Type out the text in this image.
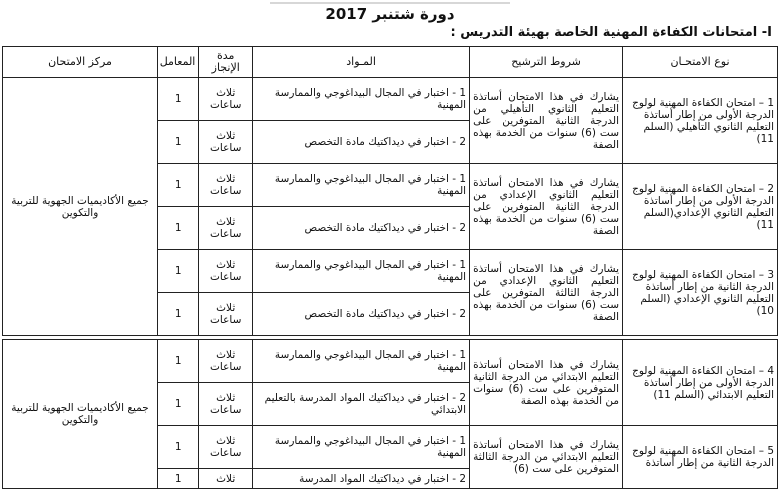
دورة شتنبر 2017
I- امتحانات الكفاءة المهنية الخاصة بهيئة التدريس :
نوع الامتحـان	شروط الترشيح	المـواد	مدة الإنجاز	المعامل	مركز الامتحان
1 – امتحان الكفاءة المهنية لولوج الدرجة الأولى من إطار أساتذة التعليم الثانوي التأهيلي (السلم 11)	يشارك في هذا الامتحان أساتذة التعليم الثانوي التأهيلي من الدرجة الثانية المتوفرين على ست (6) سنوات من الخدمة بهذه الصفة	1 - اختبار في المجال البيداغوجي والممارسة المهنية	ثلاث ساعات	1	جميع الأكاديميات الجهوية للتربية والتكوين
		2 - اختبار في ديداكتيك مادة التخصص	ثلاث ساعات	1	
2 – امتحان الكفاءة المهنية لولوج الدرجة الأولى من إطار أساتذة التعليم الثانوي الإعدادي(السلم 11)	يشارك في هذا الامتحان أساتذة التعليم الثانوي الإعدادي من الدرجة الثانية المتوفرين على ست (6) سنوات من الخدمة بهذه الصفة	1 - اختبار في المجال البيداغوجي والممارسة المهنية	ثلاث ساعات	1	
		2 - اختبار في ديداكتيك مادة التخصص	ثلاث ساعات	1	
3 – امتحان الكفاءة المهنية لولوج الدرجة الثانية من إطار أساتذة التعليم الثانوي الإعدادي (السلم 10)	يشارك في هذا الامتحان أساتذة التعليم الثانوي الإعدادي من الدرجة الثالثة المتوفرين على ست (6) سنوات من الخدمة بهذه الصفة	1 - اختبار في المجال البيداغوجي والممارسة المهنية	ثلاث ساعات	1	
		2 - اختبار في ديداكتيك مادة التخصص	ثلاث ساعات	1	

4 – امتحان الكفاءة المهنية لولوج الدرجة الأولى من إطار أساتذة التعليم الابتدائي (السلم 11)	يشارك في هذا الامتحان أساتذة التعليم الابتدائي من الدرجة الثانية المتوفرين على ست (6) سنوات من الخدمة بهذه الصفة	1 - اختبار في المجال البيداغوجي والممارسة المهنية	ثلاث ساعات	1	جميع الأكاديميات الجهوية للتربية والتكوين
		2 - اختبار في ديداكتيك المواد المدرسة بالتعليم الابتدائي	ثلاث ساعات	1	
5 – امتحان الكفاءة المهنية لولوج الدرجة الثانية من إطار أساتذة	يشارك في هذا الامتحان أساتذة التعليم الابتدائي من الدرجة الثالثة المتوفرين على ست (6)	1 - اختبار في المجال البيداغوجي والممارسة المهنية	ثلاث ساعات	1	
		2 - اختبار في ديداكتيك المواد المدرسة	ثلاث	1	
